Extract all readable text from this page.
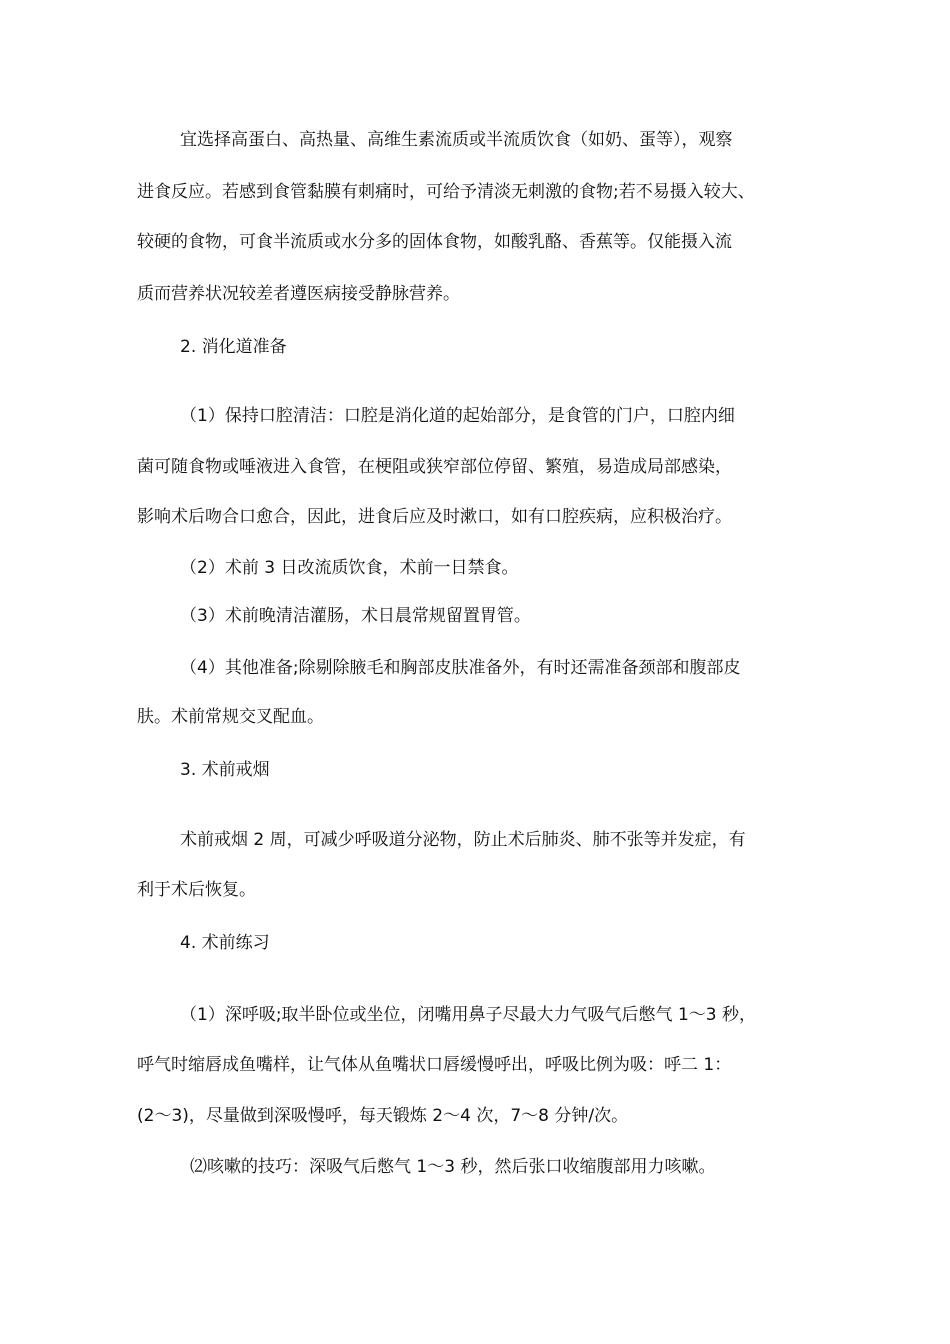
宜选择高蛋白、高热量、高维生素流质或半流质饮食（如奶、蛋等），观察

进食反应。若感到食管黏膜有刺痛时，可给予清淡无刺激的食物;若不易摄入较大、

较硬的食物，可食半流质或水分多的固体食物，如酸乳酪、香蕉等。仅能摄入流

质而营养状况较差者遵医病接受静脉营养。

2. 消化道准备

（1）保持口腔清洁：口腔是消化道的起始部分，是食管的门户，口腔内细

菌可随食物或唾液进入食管，在梗阻或狭窄部位停留、繁殖，易造成局部感染，

影响术后吻合口愈合，因此，进食后应及时漱口，如有口腔疾病，应积极治疗。

（2）术前 3 日改流质饮食，术前一日禁食。

（3）术前晚清洁灌肠，术日晨常规留置胃管。

（4）其他准备;除剔除腋毛和胸部皮肤准备外，有时还需准备颈部和腹部皮

肤。术前常规交叉配血。

3. 术前戒烟

术前戒烟 2 周，可减少呼吸道分泌物，防止术后肺炎、肺不张等并发症，有

利于术后恢复。

4. 术前练习

（1）深呼吸;取半卧位或坐位，闭嘴用鼻子尽最大力气吸气后憋气 1〜3 秒，

呼气时缩唇成鱼嘴样，让气体从鱼嘴状口唇缓慢呼出，呼吸比例为吸：呼二 1：

(2〜3)，尽量做到深吸慢呼，每天锻炼 2〜4 次，7〜8 分钟/次。

⑵咳嗽的技巧：深吸气后憋气 1〜3 秒，然后张口收缩腹部用力咳嗽。
